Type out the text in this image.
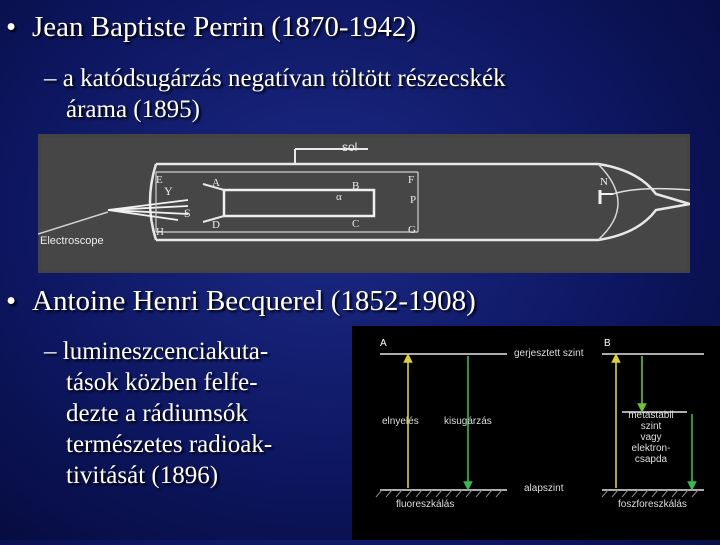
• Jean Baptiste Perrin (1870-1942)
– a katódsugárzás negatívan töltött részecskék
árama (1895)
sol
E
Y
A	B
α
F
P
N
S
D	C	G
H
Electroscope
• Antoine Henri Becquerel (1852-1908)
– lumineszcenciakuta-
tások közben felfe-
dezte a rádiumsók
természetes radioak-
tivitását (1896)
A	B
gerjesztett szint
elnyelés	kisugárzás
metastabil
szint
vagy
elektron-
csapda
alapszint
fluoreszkálás	foszforeszkálás
